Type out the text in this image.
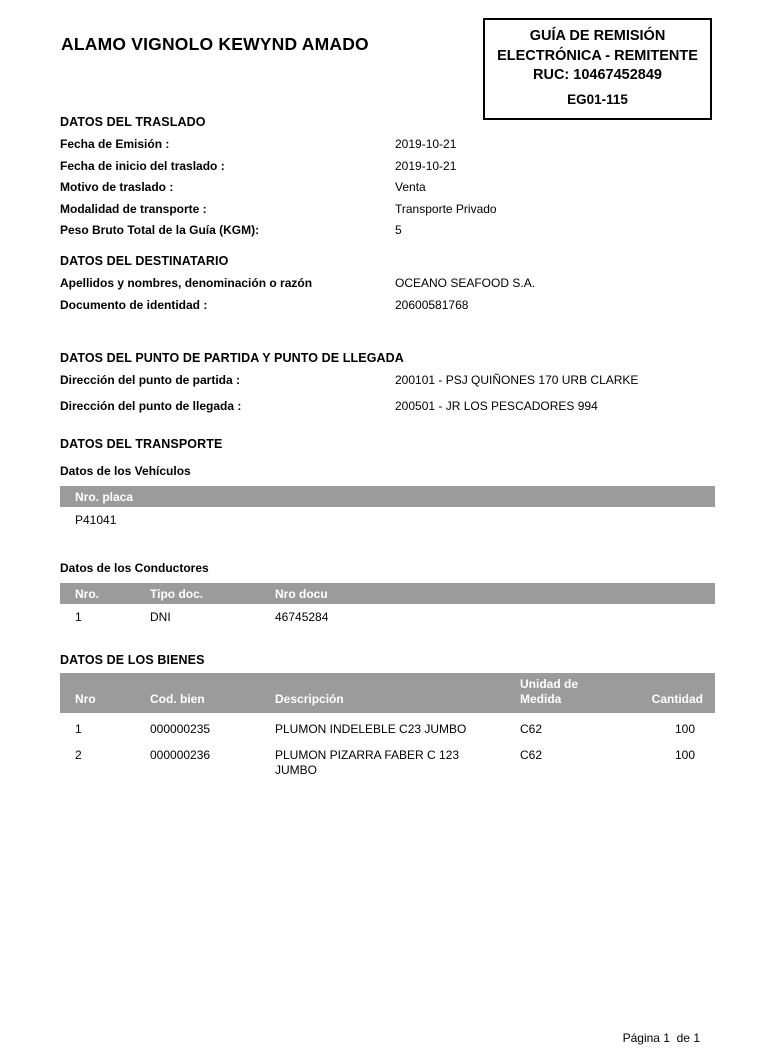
ALAMO VIGNOLO KEWYND AMADO	GUÍA DE REMISIÓN
ELECTRÓNICA - REMITENTE
RUC: 10467452849
EG01-115
DATOS DEL TRASLADO
Fecha de Emisión :	2019-10-21
Fecha de inicio del traslado :	2019-10-21
Motivo de traslado :	Venta
Modalidad de transporte :	Transporte Privado
Peso Bruto Total de la Guía (KGM):	5
DATOS DEL DESTINATARIO
Apellidos y nombres, denominación o razón	OCEANO SEAFOOD S.A.
Documento de identidad :	20600581768
DATOS DEL PUNTO DE PARTIDA Y PUNTO DE LLEGADA
Dirección del punto de partida :	200101 - PSJ QUIÑONES 170 URB CLARKE
Dirección del punto de llegada :	200501 - JR LOS PESCADORES 994
DATOS DEL TRANSPORTE
Datos de los Vehículos
Nro. placa
P41041
Datos de los Conductores
Nro.	Tipo doc.	Nro docu
1	DNI	46745284
DATOS DE LOS BIENES
Nro	Cod. bien	Descripción	Unidad de Medida	Cantidad
1	000000235	PLUMON INDELEBLE C23 JUMBO	C62	100
2	000000236	PLUMON PIZARRA FABER C 123 JUMBO	C62	100
Página 1  de 1
